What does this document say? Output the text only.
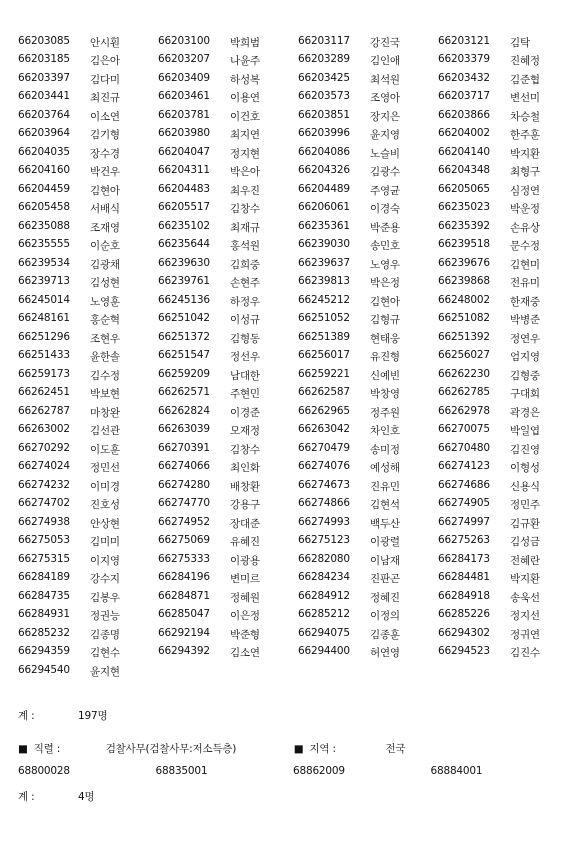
66203085	안시훤	66203100	박희범	66203117	강진국	66203121	김탁
66203185	김은아	66203207	나윤주	66203289	김인애	66203379	진혜정
66203397	김다미	66203409	하성복	66203425	최석원	66203432	김준협
66203441	최진규	66203461	이용연	66203573	조영아	66203717	변선미
66203764	이소연	66203781	이건호	66203851	장지은	66203866	차승철
66203964	김기형	66203980	최지연	66203996	윤지영	66204002	한주훈
66204035	장수경	66204047	정지현	66204086	노슬비	66204140	박지환
66204160	박건우	66204311	박은아	66204326	김광수	66204348	최형구
66204459	김현아	66204483	최우진	66204489	주영균	66205065	심정연
66205458	서배식	66205517	김창수	66206061	이경숙	66235023	박운정
66235088	조재영	66235102	최재규	66235361	박준용	66235392	손유상
66235555	이순호	66235644	홍석원	66239030	송민호	66239518	문수정
66239534	김광채	66239630	김희중	66239637	노영우	66239676	김현미
66239713	김성현	66239761	손현주	66239813	박은정	66239868	전유미
66245014	노영훈	66245136	하정우	66245212	김현아	66248002	한재중
66248161	홍순혁	66251042	이성규	66251052	김형규	66251082	박병준
66251296	조현우	66251372	김형동	66251389	현태웅	66251392	정연우
66251433	윤한솔	66251547	정선우	66256017	유진형	66256027	엄지영
66259173	김수정	66259209	남대한	66259221	신예빈	66262230	김형중
66262451	박보현	66262571	주현민	66262587	박창영	66262785	구대회
66262787	마창완	66262824	이경준	66262965	정주원	66262978	곽경은
66263002	김선관	66263039	모재정	66263042	차인호	66270075	박일엽
66270292	이도훈	66270391	김창수	66270479	송미정	66270480	김진영
66274024	정민선	66274066	최인화	66274076	예성해	66274123	이형성
66274232	이미경	66274280	배창환	66274673	진유민	66274686	신용식
66274702	진호성	66274770	강용구	66274866	김현석	66274905	정민주
66274938	안상현	66274952	장대준	66274993	백두산	66274997	김규환
66275053	김미미	66275069	유혜진	66275123	이광렬	66275263	김성금
66275315	이지영	66275333	이광용	66282080	이남재	66284173	전혜란
66284189	강수지	66284196	변미르	66284234	진판곤	66284481	박지환
66284735	김봉우	66284871	정혜원	66284912	정혜진	66284918	송욱선
66284931	정권능	66285047	이은정	66285212	이정의	66285226	정지선
66285232	김종명	66292194	박준형	66294075	김종훈	66294302	정귀연
66294359	김현수	66294392	김소연	66294400	허연영	66294523	김진수
66294540	윤지현
계 :	197명
■ 직렬 :	검찰사무(검찰사무:저소득층)	■ 지역 :	전국
68800028	68835001	68862009	68884001
계 :	4명
